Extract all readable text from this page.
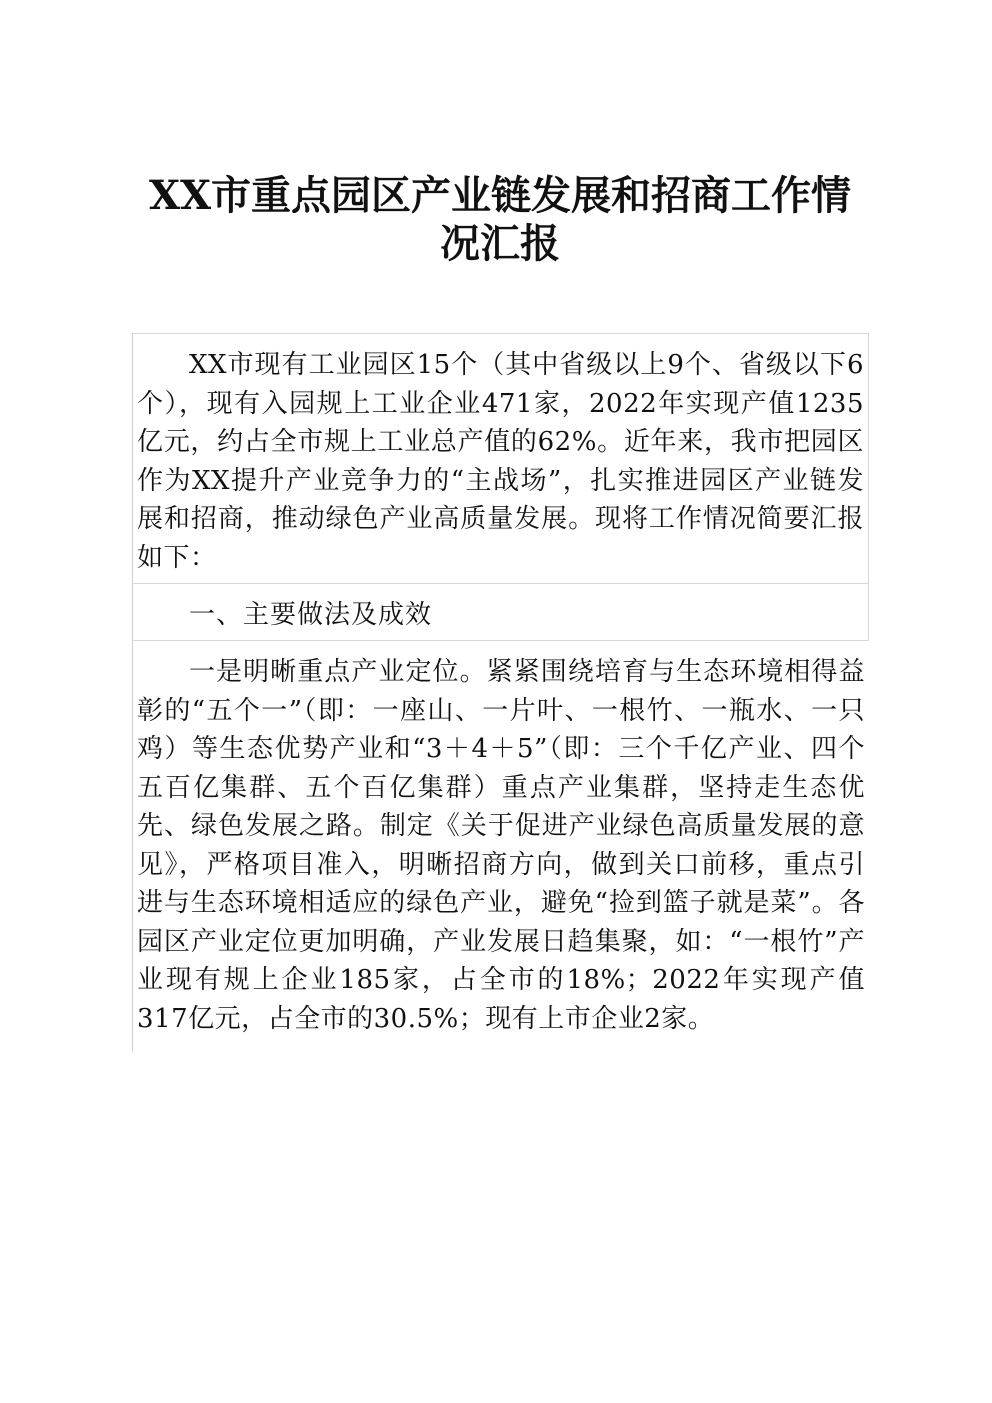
XX市重点园区产业链发展和招商工作情况汇报

XX市现有工业园区15个（其中省级以上9个、省级以下6个），现有入园规上工业企业471家，2022年实现产值1235亿元，约占全市规上工业总产值的62%。近年来，我市把园区作为XX提升产业竞争力的“主战场”，扎实推进园区产业链发展和招商，推动绿色产业高质量发展。现将工作情况简要汇报如下：

一、主要做法及成效

一是明晰重点产业定位。紧紧围绕培育与生态环境相得益彰的“五个一”（即：一座山、一片叶、一根竹、一瓶水、一只鸡）等生态优势产业和“3＋4＋5”（即：三个千亿产业、四个五百亿集群、五个百亿集群）重点产业集群，坚持走生态优先、绿色发展之路。制定《关于促进产业绿色高质量发展的意见》，严格项目准入，明晰招商方向，做到关口前移，重点引进与生态环境相适应的绿色产业，避免“捡到篮子就是菜”。各园区产业定位更加明确，产业发展日趋集聚，如：“一根竹”产业现有规上企业185家，占全市的18%；2022年实现产值317亿元，占全市的30.5%；现有上市企业2家。
